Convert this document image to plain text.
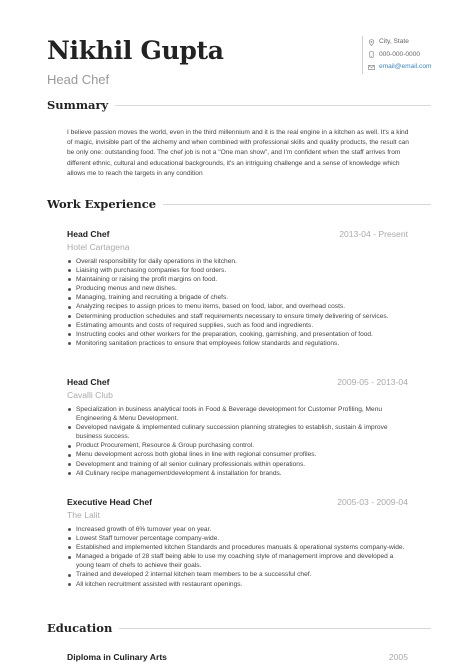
Nikhil Gupta

Head Chef

City, State
000-000-0000
email@email.com
Summary

I believe passion moves the world, even in the third millennium and it is the real engine in a kitchen as well. It's a kind of magic, invisible part of the alchemy and when combined with professional skills and quality products, the result can be only one: outstanding food. The chef job is not a "One man show", and I'm confident when the staff arrives from different ethnic, cultural and educational backgrounds, it's an intriguing challenge and a sense of knowledge which allows me to reach the targets in any condition

Work Experience
Head Chef	2013-04 - Present
Hotel Cartagena
Overall responsibility for daily operations in the kitchen.
Liaising with purchasing companies for food orders.
Maintaining or raising the profit margins on food.
Producing menus and new dishes.
Managing, training and recruiting a brigade of chefs.
Analyzing recipes to assign prices to menu items, based on food, labor, and overhead costs.
Determining production schedules and staff requirements necessary to ensure timely delivering of services.
Estimating amounts and costs of required supplies, such as food and ingredients.
Instructing cooks and other workers for the preparation, cooking, garnishing, and presentation of food.
Monitoring sanitation practices to ensure that employees follow standards and regulations.
Head Chef	2009-05 - 2013-04
Cavalli Club
Specialization in business analytical tools in Food & Beverage development for Customer Profiling, Menu Engineering & Menu Development.
Developed navigate & implemented culinary succession planning strategies to establish, sustain & improve business success.
Product Procurement, Resource & Group purchasing control.
Menu development across both global lines in line with regional consumer profiles.
Development and training of all senior culinary professionals within operations.
All Culinary recipe management/development & installation for brands.
Executive Head Chef	2005-03 - 2009-04
The Lalit
Increased growth of 6% turnover year on year.
Lowest Staff turnover percentage company-wide.
Established and implemented kitchen Standards and procedures manuals & operational systems company-wide.
Managed a brigade of 28 staff being able to use my coaching style of management improve and developed a young team of chefs to achieve their goals.
Trained and developed 2 internal kitchen team members to be a successful chef.
All kitchen recruitment assisted with restaurant openings.
Education
Diploma in Culinary Arts	2005
